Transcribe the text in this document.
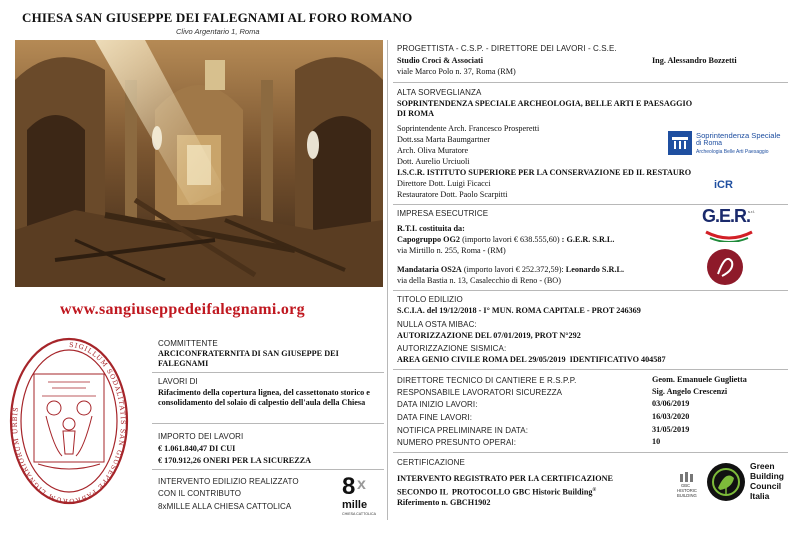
CHIESA SAN GIUSEPPE DEI FALEGNAMI AL FORO ROMANO
Clivo Argentario 1, Roma
www.sangiuseppedeifalegnami.org
SIGILLUM SODALITATIS SAN GIUSEPPE FABRORUM LIGNARIORUM URBIS
COMMITTENTE
ARCICONFRATERNITA DI SAN GIUSEPPE DEI FALEGNAMI
LAVORI DI
Rifacimento della copertura lignea, del cassettonato storico e consolidamento del solaio di calpestio dell'aula della Chiesa
IMPORTO DEI LAVORI
€ 1.061.840,47 DI CUI
€ 170.912,26 ONERI PER LA SICUREZZA
INTERVENTO EDILIZIO REALIZZATO
CON IL CONTRIBUTO
8xMILLE ALLA CHIESA CATTOLICA
8 x
mille
CHIESA CATTOLICA
PROGETTISTA - C.S.P. - DIRETTORE DEI LAVORI - C.S.E.
Studio Croci & Associati	Ing. Alessandro Bozzetti
viale Marco Polo n. 37, Roma (RM)
ALTA SORVEGLIANZA
SOPRINTENDENZA SPECIALE ARCHEOLOGIA, BELLE ARTI E PAESAGGIO
DI ROMA
Soprintendente Arch. Francesco Prosperetti
Dott.ssa Marta Baumgartner
Arch. Oliva Muratore
Dott. Aurelio Urciuoli
Soprintendenza Speciale
di Roma
Archeologia Belle Arti Paesaggio
I.S.C.R. ISTITUTO SUPERIORE PER LA CONSERVAZIONE ED IL RESTAURO
Direttore Dott. Luigi Ficacci
Restauratore Dott. Paolo Scarpitti
iCR
IMPRESA ESECUTRICE
R.T.I. costituita da:
Capogruppo OG2 (importo lavori € 638.555,60) : G.E.R. S.R.L.
via Mirtillo n. 255, Roma - (RM)
G.E.R.
s.r.l.
Mandataria OS2A (importo lavori € 252.372,59): Leonardo S.R.L.
via della Bastia n. 13, Casalecchio di Reno - (BO)
TITOLO EDILIZIO
S.C.I.A. del 19/12/2018 - I° MUN. ROMA CAPITALE - PROT 246369
NULLA OSTA MIBAC:
AUTORIZZAZIONE DEL 07/01/2019, PROT N°292
AUTORIZZAZIONE SISMICA:
AREA GENIO CIVILE ROMA DEL 29/05/2019  IDENTIFICATIVO 404587
DIRETTORE TECNICO DI CANTIERE E R.S.P.P.	Geom. Emanuele Guglietta
RESPONSABILE LAVORATORI SICUREZZA	Sig. Angelo Crescenzi
DATA INIZIO LAVORI:	03/06/2019
DATA FINE LAVORI:	16/03/2020
NOTIFICA PRELIMINARE IN DATA:	31/05/2019
NUMERO PRESUNTO OPERAI:	10
CERTIFICAZIONE
INTERVENTO REGISTRATO PER LA CERTIFICAZIONE
SECONDO IL  PROTOCOLLO GBC Historic Building®
Riferimento n. GBCH1902
GBC
HISTORIC
BUILDING
Green
Building
Council
Italia
